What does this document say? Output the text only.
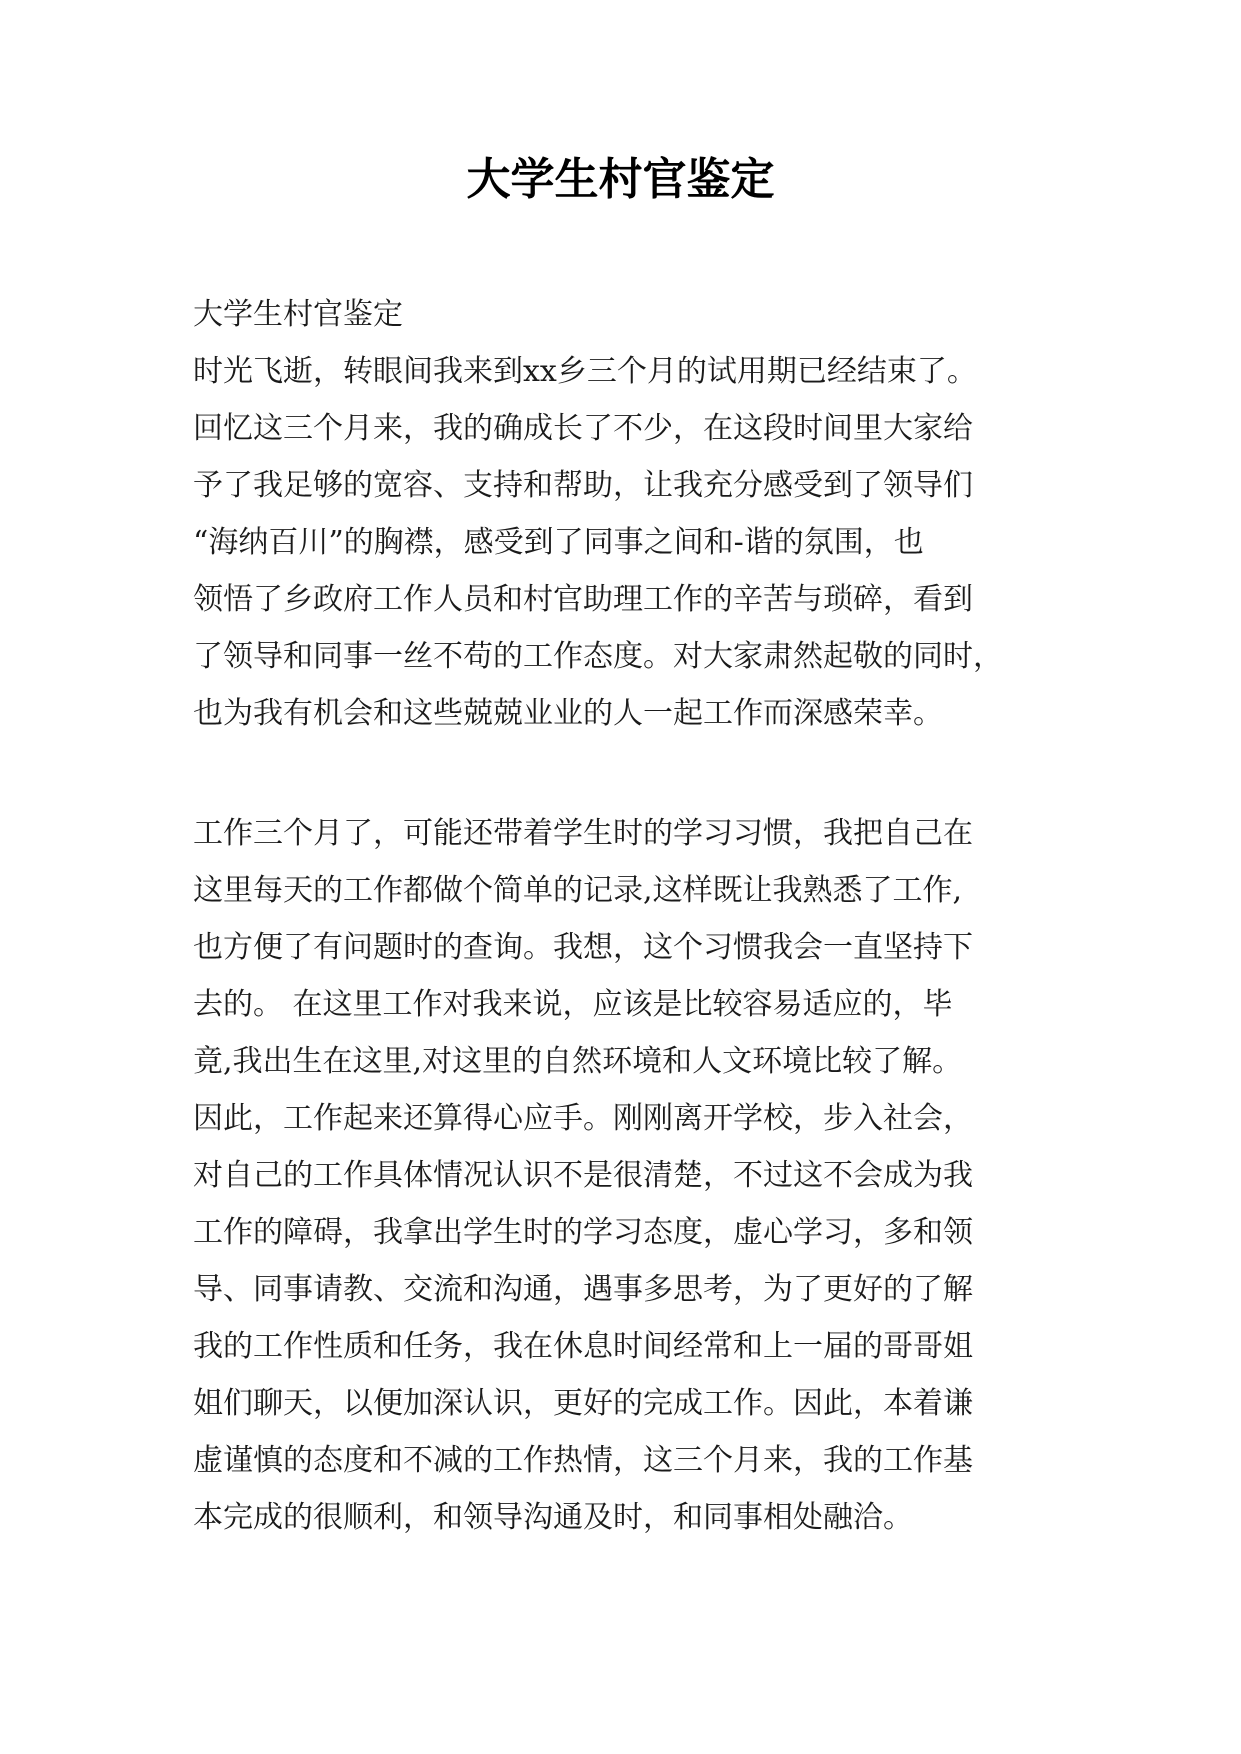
大学生村官鉴定

大学生村官鉴定

时光飞逝，转眼间我来到xx乡三个月的试用期已经结束了。

回忆这三个月来，我的确成长了不少，在这段时间里大家给

予了我足够的宽容、支持和帮助，让我充分感受到了领导们

“海纳百川”的胸襟，感受到了同事之间和-谐的氛围，也

领悟了乡政府工作人员和村官助理工作的辛苦与琐碎，看到

了领导和同事一丝不苟的工作态度。对大家肃然起敬的同时，

也为我有机会和这些兢兢业业的人一起工作而深感荣幸。

工作三个月了，可能还带着学生时的学习习惯，我把自己在

这里每天的工作都做个简单的记录,这样既让我熟悉了工作,

也方便了有问题时的查询。我想，这个习惯我会一直坚持下

去的。 在这里工作对我来说，应该是比较容易适应的，毕

竟,我出生在这里,对这里的自然环境和人文环境比较了解。

因此，工作起来还算得心应手。刚刚离开学校，步入社会，

对自己的工作具体情况认识不是很清楚，不过这不会成为我

工作的障碍，我拿出学生时的学习态度，虚心学习，多和领

导、同事请教、交流和沟通，遇事多思考，为了更好的了解

我的工作性质和任务，我在休息时间经常和上一届的哥哥姐

姐们聊天，以便加深认识，更好的完成工作。因此，本着谦

虚谨慎的态度和不减的工作热情，这三个月来，我的工作基

本完成的很顺利，和领导沟通及时，和同事相处融洽。
